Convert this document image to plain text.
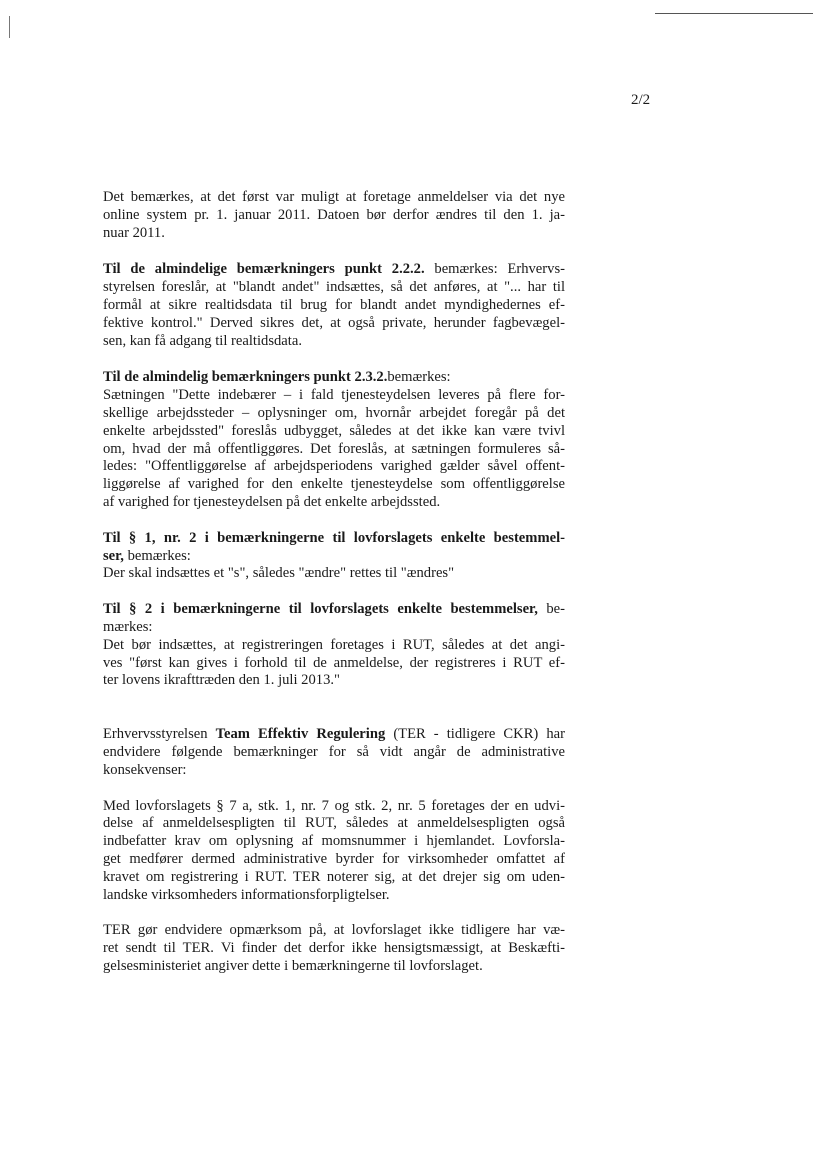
2/2

Det bemærkes, at det først var muligt at foretage anmeldelser via det nye
online system pr. 1. januar 2011. Datoen bør derfor ændres til den 1. ja-
nuar 2011.

Til de almindelige bemærkningers punkt 2.2.2. bemærkes: Erhvervs-
styrelsen foreslår, at "blandt andet" indsættes, så det anføres, at "... har til
formål at sikre realtidsdata til brug for blandt andet myndighedernes ef-
fektive kontrol." Derved sikres det, at også private, herunder fagbevægel-
sen, kan få adgang til realtidsdata.

Til de almindelig bemærkningers punkt 2.3.2.bemærkes:
Sætningen "Dette indebærer – i fald tjenesteydelsen leveres på flere for-
skellige arbejdssteder – oplysninger om, hvornår arbejdet foregår på det
enkelte arbejdssted" foreslås udbygget, således at det ikke kan være tvivl
om, hvad der må offentliggøres. Det foreslås, at sætningen formuleres så-
ledes: "Offentliggørelse af arbejdsperiodens varighed gælder såvel offent-
liggørelse af varighed for den enkelte tjenesteydelse som offentliggørelse
af varighed for tjenesteydelsen på det enkelte arbejdssted.

Til § 1, nr. 2 i bemærkningerne til lovforslagets enkelte bestemmel-
ser, bemærkes:
Der skal indsættes et "s", således "ændre" rettes til "ændres"

Til § 2 i bemærkningerne til lovforslagets enkelte bestemmelser, be-
mærkes:
Det bør indsættes, at registreringen foretages i RUT, således at det angi-
ves "først kan gives i forhold til de anmeldelse, der registreres i RUT ef-
ter lovens ikrafttræden den 1. juli 2013."

Erhvervsstyrelsen Team Effektiv Regulering (TER - tidligere CKR) har
endvidere følgende bemærkninger for så vidt angår de administrative
konsekvenser:

Med lovforslagets § 7 a, stk. 1, nr. 7 og stk. 2, nr. 5 foretages der en udvi-
delse af anmeldelsespligten til RUT, således at anmeldelsespligten også
indbefatter krav om oplysning af momsnummer i hjemlandet. Lovforsla-
get medfører dermed administrative byrder for virksomheder omfattet af
kravet om registrering i RUT. TER noterer sig, at det drejer sig om uden-
landske virksomheders informationsforpligtelser.

TER gør endvidere opmærksom på, at lovforslaget ikke tidligere har væ-
ret sendt til TER. Vi finder det derfor ikke hensigtsmæssigt, at Beskæfti-
gelsesministeriet angiver dette i bemærkningerne til lovforslaget.
